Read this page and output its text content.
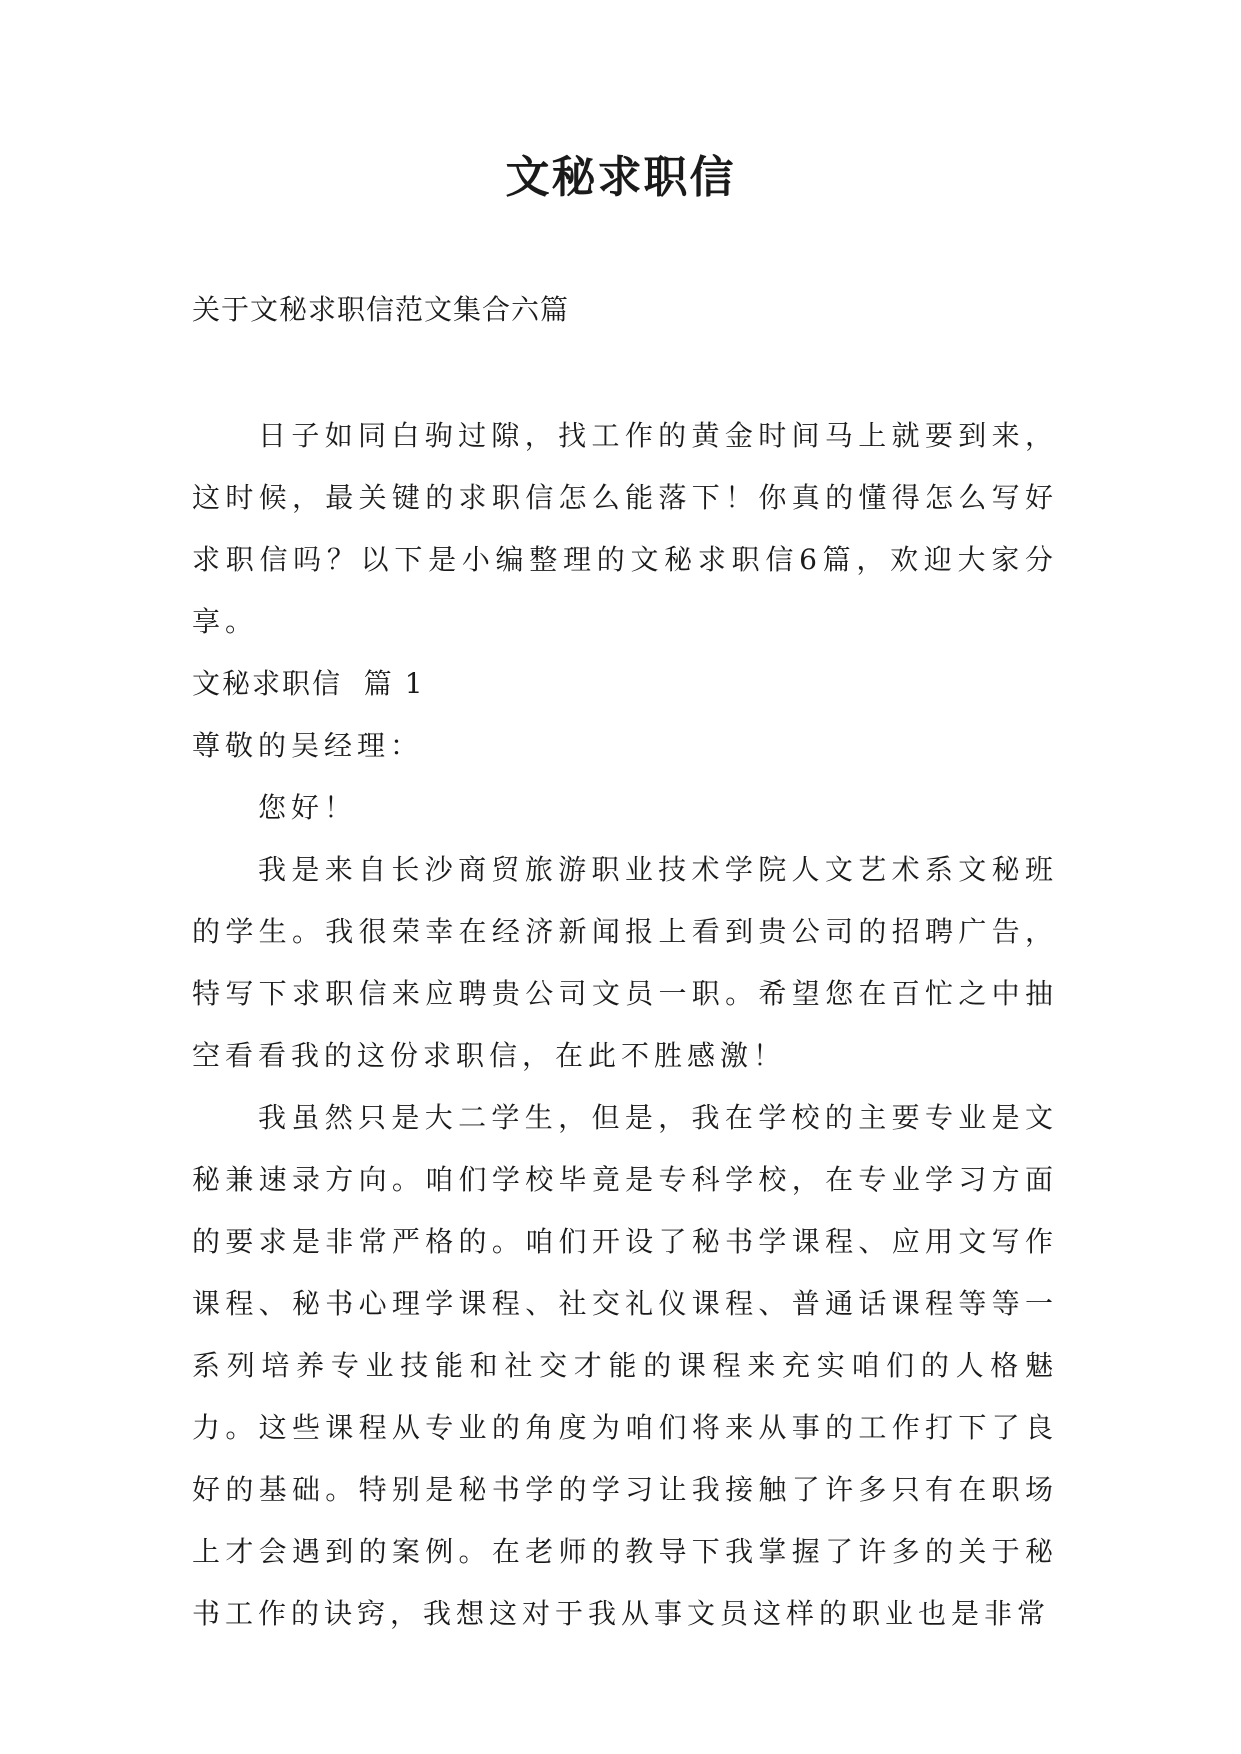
文秘求职信
关于文秘求职信范文集合六篇

日子如同白驹过隙，找工作的黄金时间马上就要到来，这时候，最关键的求职信怎么能落下！你真的懂得怎么写好求职信吗？以下是小编整理的文秘求职信6篇，欢迎大家分享。

文秘求职信  篇 1

尊敬的吴经理：

您好！

我是来自长沙商贸旅游职业技术学院人文艺术系文秘班的学生。我很荣幸在经济新闻报上看到贵公司的招聘广告，特写下求职信来应聘贵公司文员一职。希望您在百忙之中抽空看看我的这份求职信，在此不胜感激！

我虽然只是大二学生，但是，我在学校的主要专业是文秘兼速录方向。咱们学校毕竟是专科学校，在专业学习方面的要求是非常严格的。咱们开设了秘书学课程、应用文写作课程、秘书心理学课程、社交礼仪课程、普通话课程等等一系列培养专业技能和社交才能的课程来充实咱们的人格魅力。这些课程从专业的角度为咱们将来从事的工作打下了良好的基础。特别是秘书学的学习让我接触了许多只有在职场上才会遇到的案例。在老师的教导下我掌握了许多的关于秘书工作的诀窍，我想这对于我从事文员这样的职业也是非常
